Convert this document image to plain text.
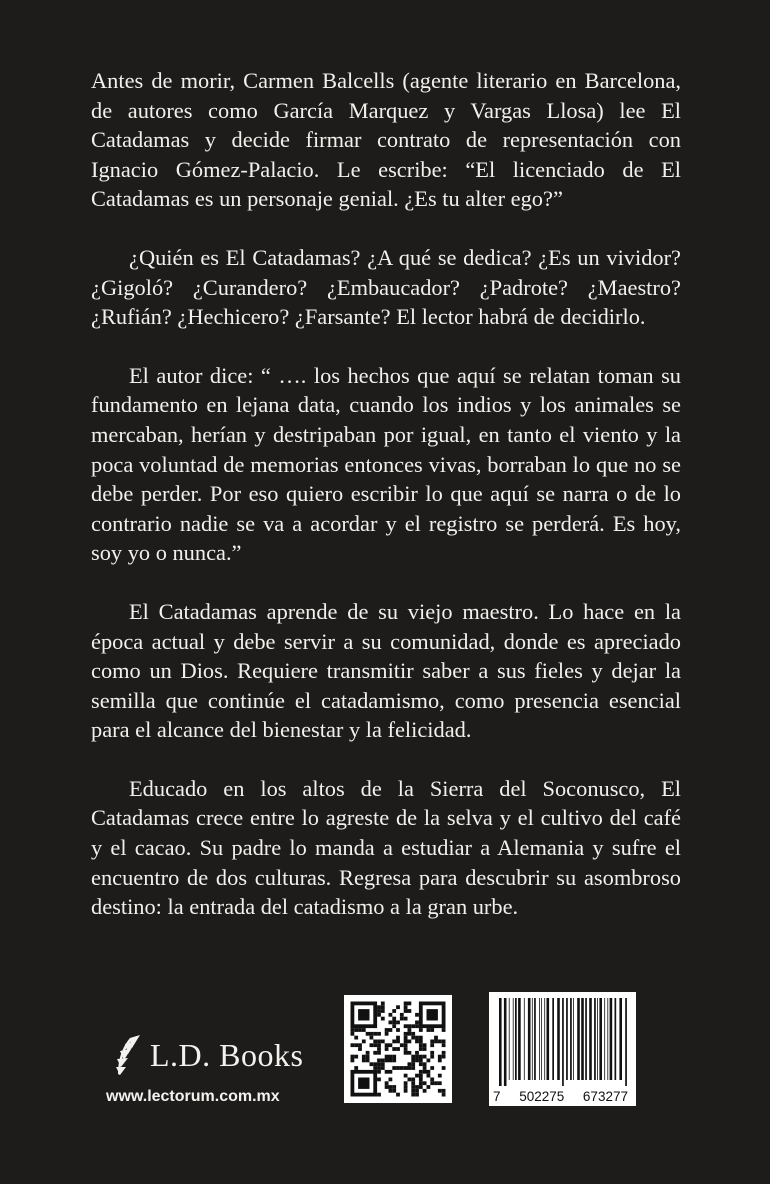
Antes de morir, Carmen Balcells (agente literario en Barcelona, de autores como García Marquez y Vargas Llosa) lee El Catadamas y decide firmar contrato de representación con Ignacio Gómez-Palacio. Le escribe: “El licenciado de El Catadamas es un personaje genial. ¿Es tu alter ego?”

¿Quién es El Catadamas? ¿A qué se dedica? ¿Es un vividor? ¿Gigoló? ¿Curandero? ¿Embaucador? ¿Padrote? ¿Maestro? ¿Rufián? ¿Hechicero? ¿Farsante? El lector habrá de decidirlo.

El autor dice: “ …. los hechos que aquí se relatan toman su fundamento en lejana data, cuando los indios y los animales se mercaban, herían y destripaban por igual, en tanto el viento y la poca voluntad de memorias entonces vivas, borraban lo que no se debe perder. Por eso quiero escribir lo que aquí se narra o de lo contrario nadie se va a acordar y el registro se perderá. Es hoy, soy yo o nunca.”

El Catadamas aprende de su viejo maestro. Lo hace en la época actual y debe servir a su comunidad, donde es apreciado como un Dios. Requiere transmitir saber a sus fieles y dejar la semilla que continúe el catadamismo, como presencia esencial para el alcance del bienestar y la felicidad.

Educado en los altos de la Sierra del Soconusco, El Catadamas crece entre lo agreste de la selva y el cultivo del café y el cacao. Su padre lo manda a estudiar a Alemania y sufre el encuentro de dos culturas. Regresa para descubrir su asombroso destino: la entrada del catadismo a la gran urbe.

L.D. Books
www.lectorum.com.mx	7 502275 673277
